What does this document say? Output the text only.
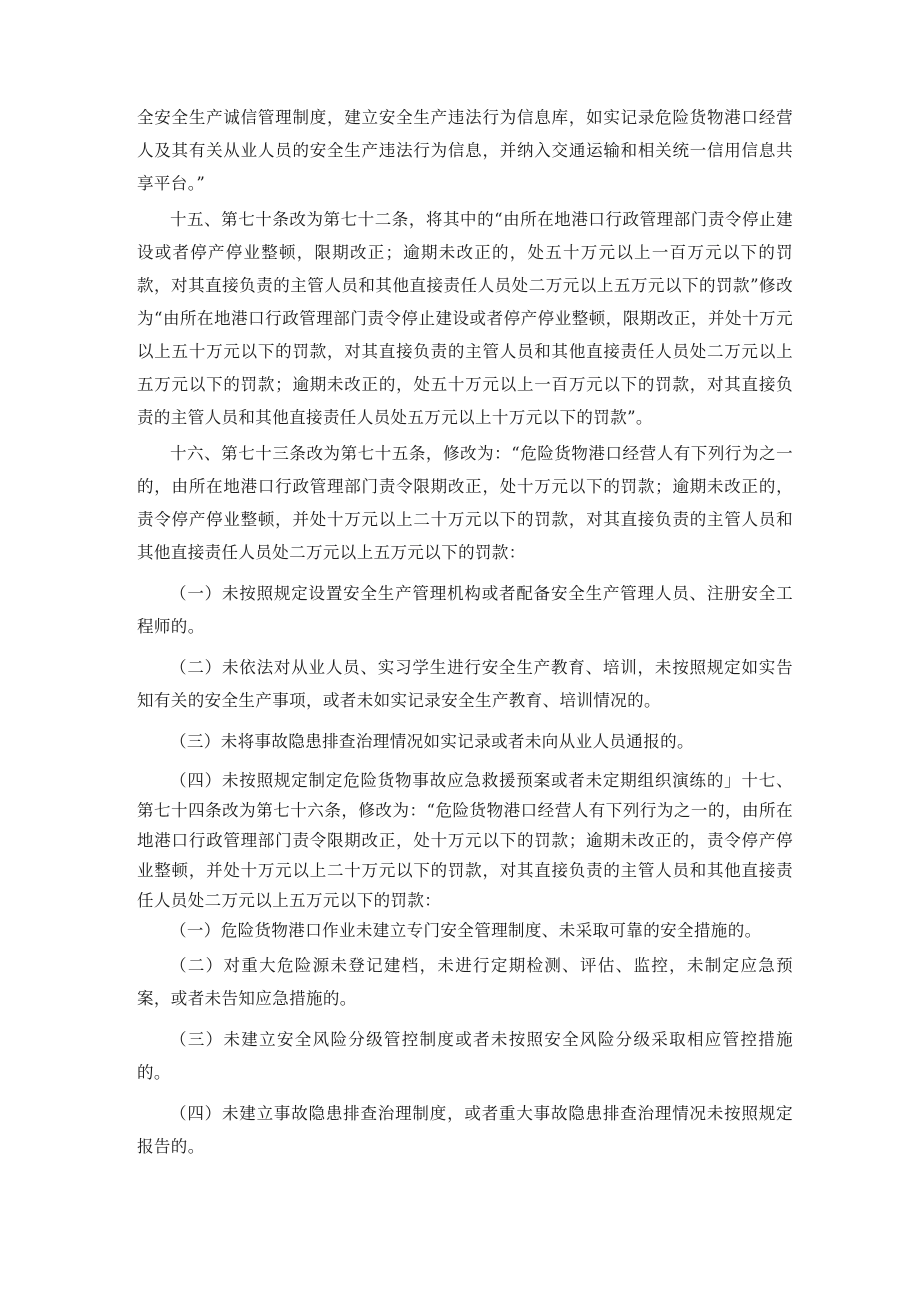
全安全生产诚信管理制度，建立安全生产违法行为信息库，如实记录危险货物港口经营人及其有关从业人员的安全生产违法行为信息，并纳入交通运输和相关统一信用信息共享平台。”

十五、第七十条改为第七十二条，将其中的“由所在地港口行政管理部门责令停止建设或者停产停业整顿，限期改正；逾期未改正的，处五十万元以上一百万元以下的罚款，对其直接负责的主管人员和其他直接责任人员处二万元以上五万元以下的罚款”修改为“由所在地港口行政管理部门责令停止建设或者停产停业整顿，限期改正，并处十万元以上五十万元以下的罚款，对其直接负责的主管人员和其他直接责任人员处二万元以上五万元以下的罚款；逾期未改正的，处五十万元以上一百万元以下的罚款，对其直接负责的主管人员和其他直接责任人员处五万元以上十万元以下的罚款”。

十六、第七十三条改为第七十五条，修改为：“危险货物港口经营人有下列行为之一的，由所在地港口行政管理部门责令限期改正，处十万元以下的罚款；逾期未改正的，责令停产停业整顿，并处十万元以上二十万元以下的罚款，对其直接负责的主管人员和其他直接责任人员处二万元以上五万元以下的罚款：

（一）未按照规定设置安全生产管理机构或者配备安全生产管理人员、注册安全工程师的。

（二）未依法对从业人员、实习学生进行安全生产教育、培训，未按照规定如实告知有关的安全生产事项，或者未如实记录安全生产教育、培训情况的。

（三）未将事故隐患排查治理情况如实记录或者未向从业人员通报的。

（四）未按照规定制定危险货物事故应急救援预案或者未定期组织演练的」十七、第七十四条改为第七十六条，修改为：“危险货物港口经营人有下列行为之一的，由所在地港口行政管理部门责令限期改正，处十万元以下的罚款；逾期未改正的，责令停产停业整顿，并处十万元以上二十万元以下的罚款，对其直接负责的主管人员和其他直接责任人员处二万元以上五万元以下的罚款：

（一）危险货物港口作业未建立专门安全管理制度、未采取可靠的安全措施的。

（二）对重大危险源未登记建档，未进行定期检测、评估、监控，未制定应急预案，或者未告知应急措施的。

（三）未建立安全风险分级管控制度或者未按照安全风险分级采取相应管控措施的。

（四）未建立事故隐患排查治理制度，或者重大事故隐患排查治理情况未按照规定报告的。
